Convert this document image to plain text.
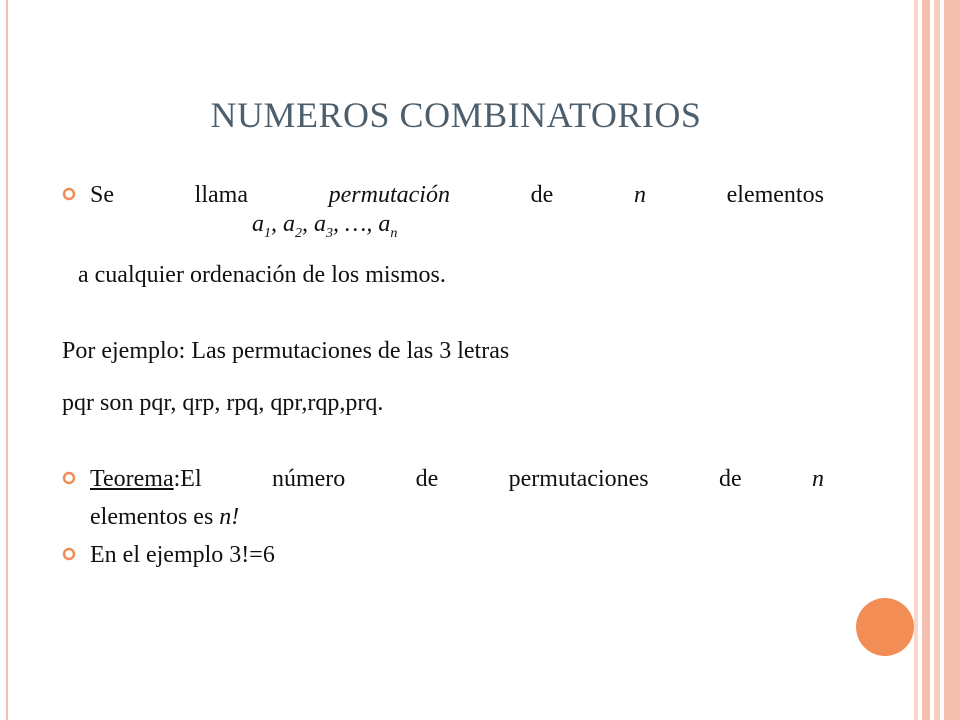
NUMEROS COMBINATORIOS
Se	llama	permutación	de	n	elementos
$a_1$, $a_2$, $a_3$, …, $a_n$
a cualquier ordenación de los mismos.
Por ejemplo: Las permutaciones de las 3 letras
pqr son pqr, qrp, rpq, qpr,rqp,prq.
Teorema:El	número	de	permutaciones	de	n
elementos es n!
En el ejemplo 3!=6
